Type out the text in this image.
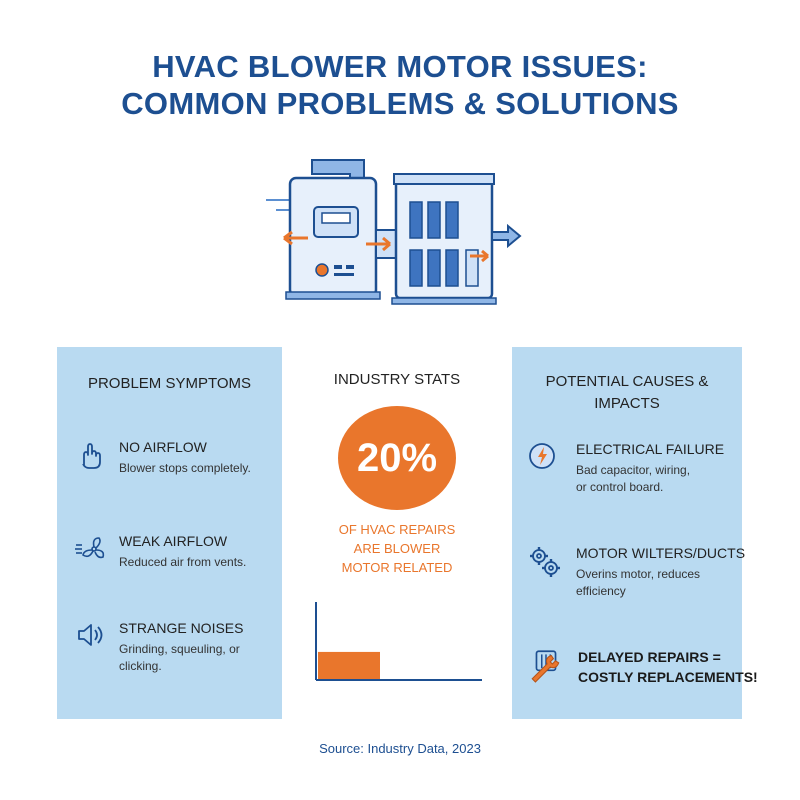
HVAC BLOWER MOTOR ISSUES:
COMMON PROBLEMS & SOLUTIONS
PROBLEM SYMPTOMS
NO AIRFLOW
Blower stops completely.
WEAK AIRFLOW
Reduced air from vents.
STRANGE NOISES
Grinding, squeuling, or clicking.
INDUSTRY STATS
20%
OF HVAC REPAIRS
ARE BLOWER
MOTOR RELATED
POTENTIAL CAUSES &
IMPACTS
ELECTRICAL FAILURE
Bad capacitor, wiring,
or control board.
MOTOR WILTERS/DUCTS
Overins motor, reduces
efficiency
DELAYED REPAIRS =
COSTLY REPLACEMENTS!
Source: Industry Data, 2023
